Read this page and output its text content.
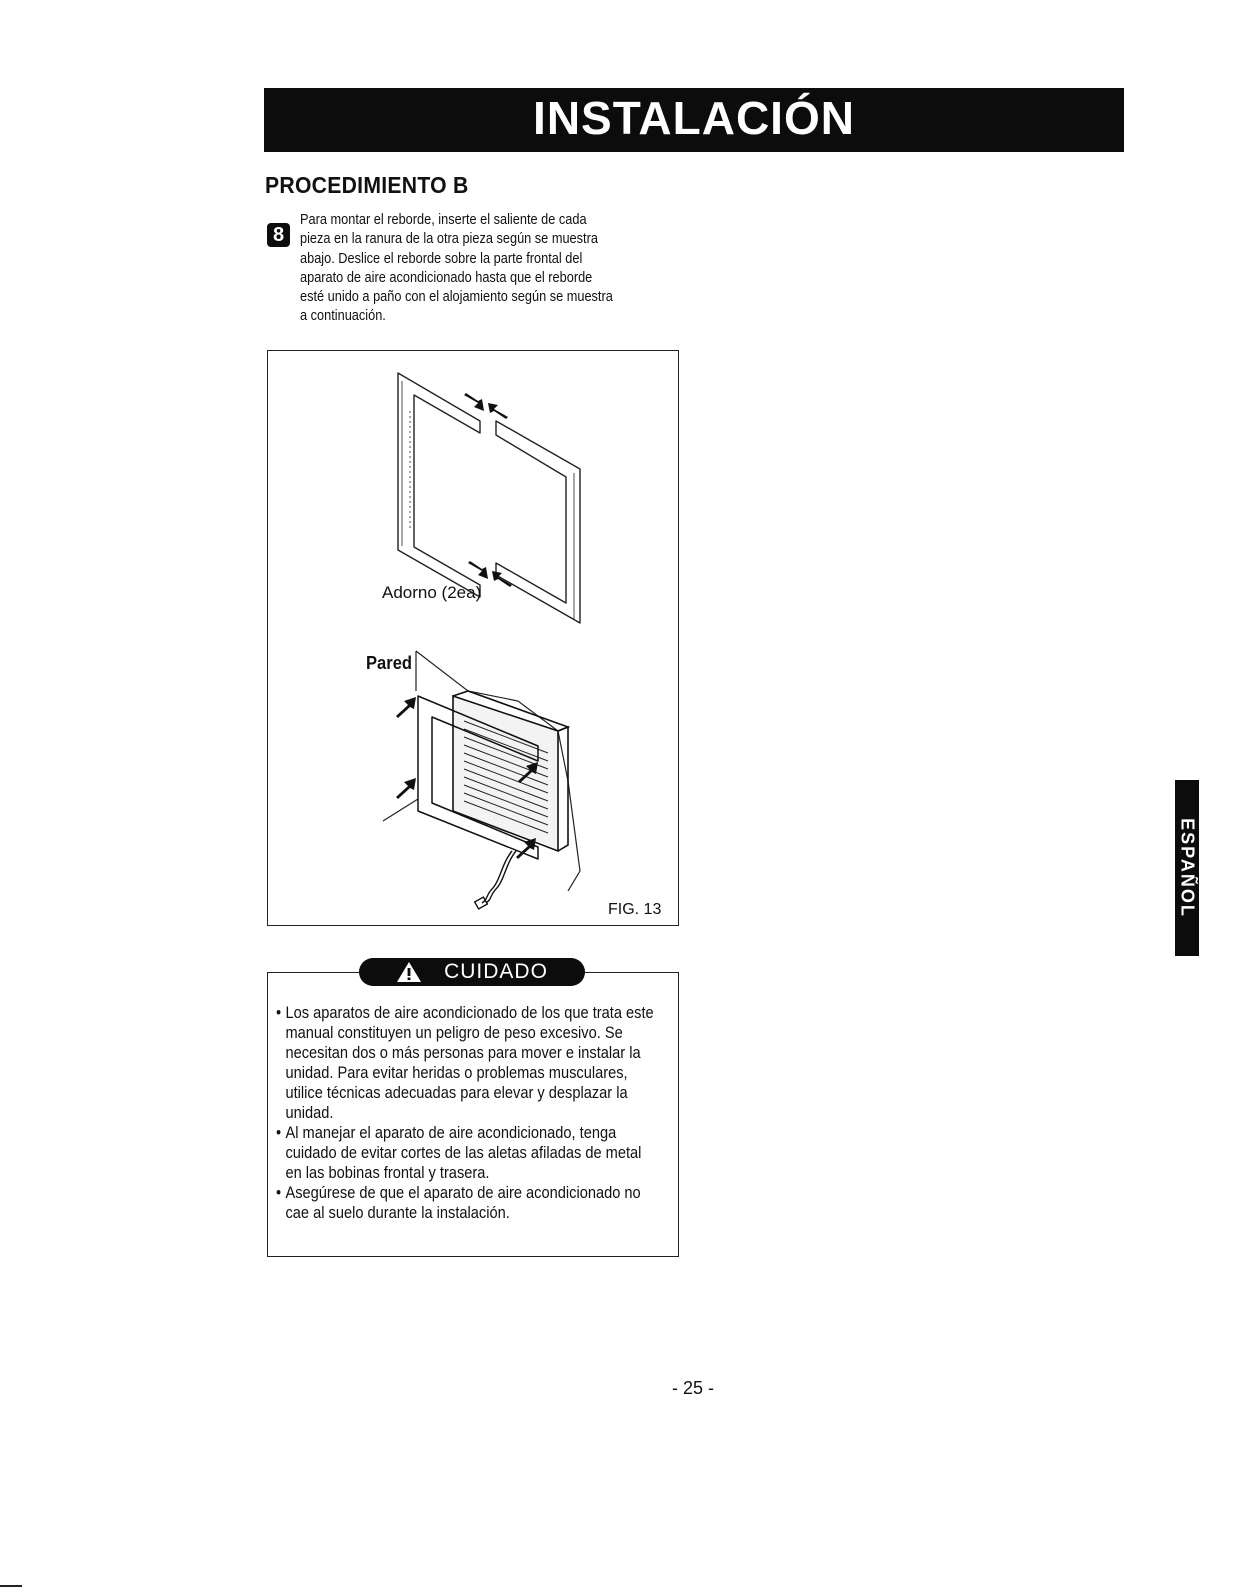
INSTALACIÓN
PROCEDIMIENTO B
8
Para montar el reborde, inserte el saliente de cada
pieza en la ranura de la otra pieza según se muestra
abajo. Deslice el reborde sobre la parte frontal del
aparato de aire acondicionado hasta que el reborde
esté unido a paño con el alojamiento según se muestra
a continuación.
Adorno (2ea)
Pared
FIG. 13
CUIDADO
• Los aparatos de aire acondicionado de los que trata este manual constituyen un peligro de peso excesivo. Se necesitan dos o más personas para mover e instalar la unidad. Para evitar heridas o problemas musculares, utilice técnicas adecuadas para elevar y desplazar la unidad.
• Al manejar el aparato de aire acondicionado, tenga cuidado de evitar cortes de las aletas afiladas de metal en las bobinas frontal y trasera.
• Asegúrese de que el aparato de aire acondicionado no cae al suelo durante la instalación.
ESPAÑOL
- 25 -
